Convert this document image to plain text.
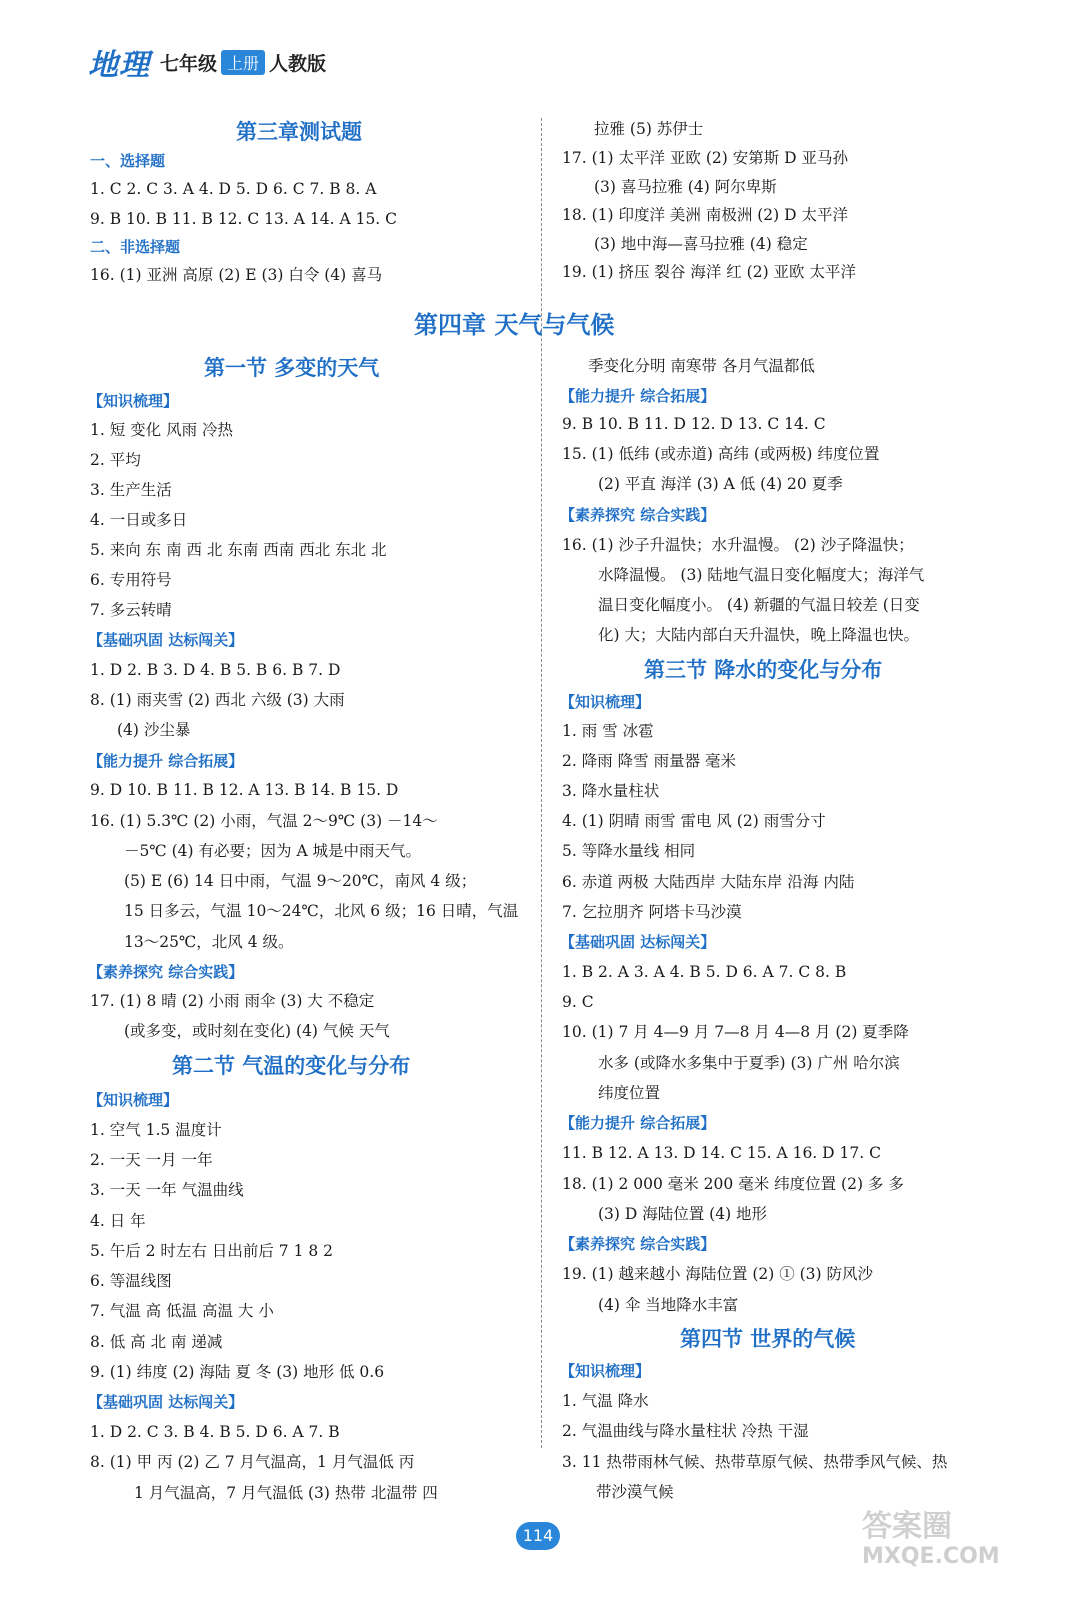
地理 七年级 上册 人教版
第三章测试题
一、选择题
1. C 2. C 3. A 4. D 5. D 6. C 7. B 8. A
9. B 10. B 11. B 12. C 13. A 14. A 15. C
二、非选择题
16. (1) 亚洲 高原 (2) E (3) 白令 (4) 喜马
拉雅 (5) 苏伊士
17. (1) 太平洋 亚欧 (2) 安第斯 D 亚马孙
(3) 喜马拉雅 (4) 阿尔卑斯
18. (1) 印度洋 美洲 南极洲 (2) D 太平洋
(3) 地中海—喜马拉雅 (4) 稳定
19. (1) 挤压 裂谷 海洋 红 (2) 亚欧 太平洋
第四章 天气与气候
第一节 多变的天气
【知识梳理】
1. 短 变化 风雨 冷热
2. 平均
3. 生产生活
4. 一日或多日
5. 来向 东 南 西 北 东南 西南 西北 东北 北
6. 专用符号
7. 多云转晴
【基础巩固 达标闯关】
1. D 2. B 3. D 4. B 5. B 6. B 7. D
8. (1) 雨夹雪 (2) 西北 六级 (3) 大雨
(4) 沙尘暴
【能力提升 综合拓展】
9. D 10. B 11. B 12. A 13. B 14. B 15. D
16. (1) 5.3℃ (2) 小雨，气温 2～9℃ (3) －14～
－5℃ (4) 有必要；因为 A 城是中雨天气。
(5) E (6) 14 日中雨，气温 9～20℃，南风 4 级；
15 日多云，气温 10～24℃，北风 6 级；16 日晴，气温
13～25℃，北风 4 级。
【素养探究 综合实践】
17. (1) 8 晴 (2) 小雨 雨伞 (3) 大 不稳定
(或多变，或时刻在变化) (4) 气候 天气
第二节 气温的变化与分布
【知识梳理】
1. 空气 1.5 温度计
2. 一天 一月 一年
3. 一天 一年 气温曲线
4. 日 年
5. 午后 2 时左右 日出前后 7 1 8 2
6. 等温线图
7. 气温 高 低温 高温 大 小
8. 低 高 北 南 递减
9. (1) 纬度 (2) 海陆 夏 冬 (3) 地形 低 0.6
【基础巩固 达标闯关】
1. D 2. C 3. B 4. B 5. D 6. A 7. B
8. (1) 甲 丙 (2) 乙 7 月气温高，1 月气温低 丙
1 月气温高，7 月气温低 (3) 热带 北温带 四
季变化分明 南寒带 各月气温都低
【能力提升 综合拓展】
9. B 10. B 11. D 12. D 13. C 14. C
15. (1) 低纬 (或赤道) 高纬 (或两极) 纬度位置
(2) 平直 海洋 (3) A 低 (4) 20 夏季
【素养探究 综合实践】
16. (1) 沙子升温快；水升温慢。 (2) 沙子降温快；
水降温慢。 (3) 陆地气温日变化幅度大；海洋气
温日变化幅度小。 (4) 新疆的气温日较差 (日变
化) 大；大陆内部白天升温快，晚上降温也快。
第三节 降水的变化与分布
【知识梳理】
1. 雨 雪 冰雹
2. 降雨 降雪 雨量器 毫米
3. 降水量柱状
4. (1) 阴晴 雨雪 雷电 风 (2) 雨雪分寸
5. 等降水量线 相同
6. 赤道 两极 大陆西岸 大陆东岸 沿海 内陆
7. 乞拉朋齐 阿塔卡马沙漠
【基础巩固 达标闯关】
1. B 2. A 3. A 4. B 5. D 6. A 7. C 8. B
9. C
10. (1) 7 月 4—9 月 7—8 月 4—8 月 (2) 夏季降
水多 (或降水多集中于夏季) (3) 广州 哈尔滨
纬度位置
【能力提升 综合拓展】
11. B 12. A 13. D 14. C 15. A 16. D 17. C
18. (1) 2 000 毫米 200 毫米 纬度位置 (2) 多 多
(3) D 海陆位置 (4) 地形
【素养探究 综合实践】
19. (1) 越来越小 海陆位置 (2) ① (3) 防风沙
(4) 伞 当地降水丰富
第四节 世界的气候
【知识梳理】
1. 气温 降水
2. 气温曲线与降水量柱状 冷热 干湿
3. 11 热带雨林气候、热带草原气候、热带季风气候、热
带沙漠气候
114	答案圈
MXQE.COM
